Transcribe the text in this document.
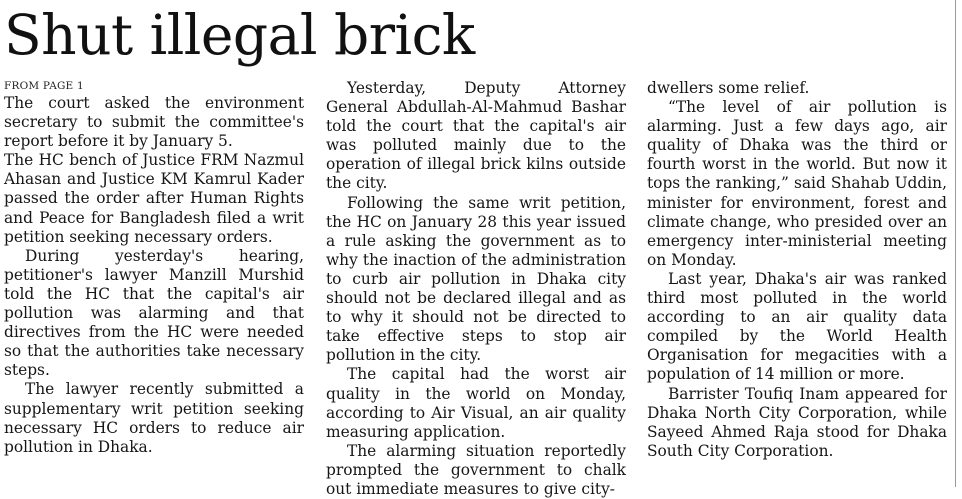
Shut illegal brick
FROM PAGE 1

The court asked the environment secretary to submit the committee's report before it by January 5.

The HC bench of Justice FRM Nazmul Ahasan and Justice KM Kamrul Kader passed the order after Human Rights and Peace for Bangladesh filed a writ petition seeking necessary orders.

During yesterday's hearing, petitioner's lawyer Manzill Murshid told the HC that the capital's air pollution was alarming and that directives from the HC were needed so that the authorities take necessary steps.

The lawyer recently submitted a supplementary writ petition seeking necessary HC orders to reduce air pollution in Dhaka.

Yesterday, Deputy Attorney General Abdullah-Al-Mahmud Bashar told the court that the capital's air was polluted mainly due to the operation of illegal brick kilns outside the city.

Following the same writ petition, the HC on January 28 this year issued a rule asking the government as to why the inaction of the administration to curb air pollution in Dhaka city should not be declared illegal and as to why it should not be directed to take effective steps to stop air pollution in the city.

The capital had the worst air quality in the world on Monday, according to Air Visual, an air quality measuring application.

The alarming situation reportedly prompted the government to chalk out immediate measures to give city-

dwellers some relief.

“The level of air pollution is alarming. Just a few days ago, air quality of Dhaka was the third or fourth worst in the world. But now it tops the ranking,” said Shahab Uddin, minister for environment, forest and climate change, who presided over an emergency inter-ministerial meeting on Monday.

Last year, Dhaka's air was ranked third most polluted in the world according to an air quality data compiled by the World Health Organisation for megacities with a population of 14 million or more.

Barrister Toufiq Inam appeared for Dhaka North City Corporation, while Sayeed Ahmed Raja stood for Dhaka South City Corporation.
